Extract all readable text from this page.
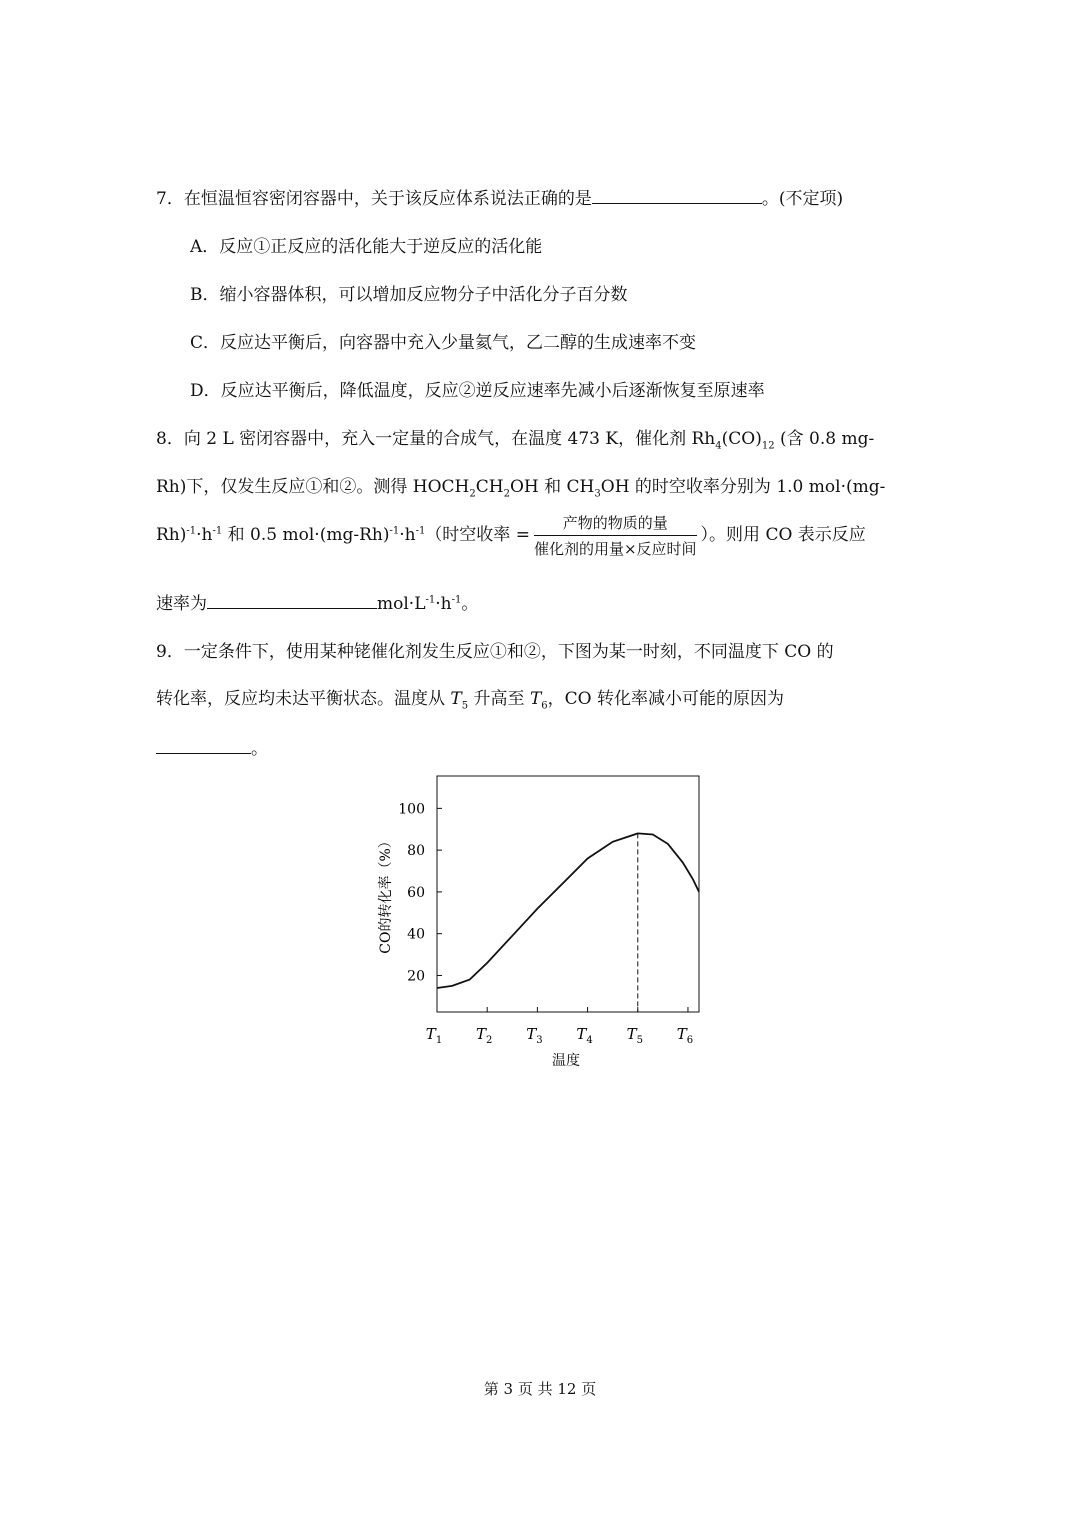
7．在恒温恒容密闭容器中，关于该反应体系说法正确的是	。(不定项)
A．反应①正反应的活化能大于逆反应的活化能
B．缩小容器体积，可以增加反应物分子中活化分子百分数
C．反应达平衡后，向容器中充入少量氦气，乙二醇的生成速率不变
D．反应达平衡后，降低温度，反应②逆反应速率先减小后逐渐恢复至原速率
8．向 2 L 密闭容器中，充入一定量的合成气，在温度 473 K，催化剂 $Rh_4(CO)_{12}$ (含 0.8 mg-
Rh)下，仅发生反应①和②。测得 $HOCH_2CH_2OH$ 和 $CH_3OH$ 的时空收率分别为 1.0 mol·(mg-
$Rh)^{-1}\cdot h^{-1}$ 和 0.5 $mol\cdot(mg-Rh)^{-1}\cdot h^{-1}$（时空收率 = $\frac{\text{产物的物质的量}}{\text{催化剂的用量×反应时间}}$ ）。则用 CO 表示反应
速率为	$mol\cdot L^{-1}\cdot h^{-1}$。
9．一定条件下，使用某种铑催化剂发生反应①和②，下图为某一时刻，不同温度下 CO 的
转化率，反应均未达平衡状态。温度从 $T_5$ 升高至 $T_6$，CO 转化率减小可能的原因为
。
20
40
60
80
100
$T_1$ $T_2$ $T_3$ $T_4$ $T_5$ $T_6$
CO的转化率（%）
温度
第 3 页 共 12 页
